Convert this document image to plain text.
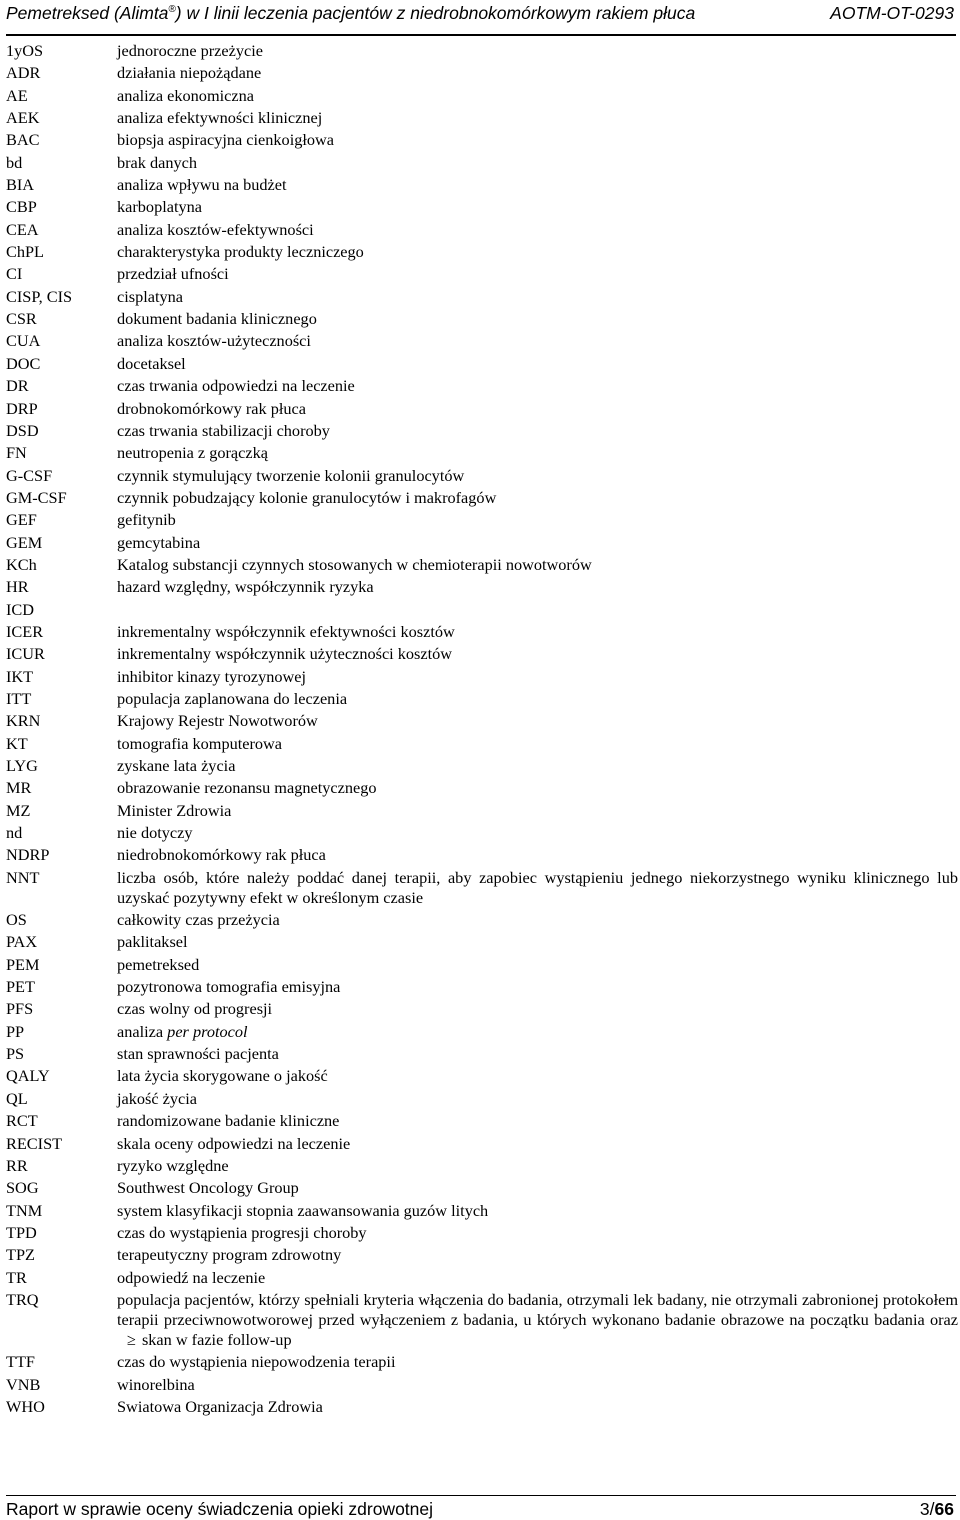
Pemetreksed (Alimta®) w I linii leczenia pacjentów z niedrobnokomórkowym rakiem płuca	AOTM-OT-0293
1yOS	jednoroczne przeżycie
ADR	działania niepożądane
AE	analiza ekonomiczna
AEK	analiza efektywności klinicznej
BAC	biopsja aspiracyjna cienkoigłowa
bd	brak danych
BIA	analiza wpływu na budżet
CBP	karboplatyna
CEA	analiza kosztów-efektywności
ChPL	charakterystyka produkty leczniczego
CI	przedział ufności
CISP, CIS	cisplatyna
CSR	dokument badania klinicznego
CUA	analiza kosztów-użyteczności
DOC	docetaksel
DR	czas trwania odpowiedzi na leczenie
DRP	drobnokomórkowy rak płuca
DSD	czas trwania stabilizacji choroby
FN	neutropenia z gorączką
G-CSF	czynnik stymulujący tworzenie kolonii granulocytów
GM-CSF	czynnik pobudzający kolonie granulocytów i makrofagów
GEF	gefitynib
GEM	gemcytabina
KCh	Katalog substancji czynnych stosowanych w chemioterapii nowotworów
HR	hazard względny, współczynnik ryzyka
ICD	
ICER	inkrementalny współczynnik efektywności kosztów
ICUR	inkrementalny współczynnik użyteczności kosztów
IKT	inhibitor kinazy tyrozynowej
ITT	populacja zaplanowana do leczenia
KRN	Krajowy Rejestr Nowotworów
KT	tomografia komputerowa
LYG	zyskane lata życia
MR	obrazowanie rezonansu magnetycznego
MZ	Minister Zdrowia
nd	nie dotyczy
NDRP	niedrobnokomórkowy rak płuca
NNT	liczba osób, które należy poddać danej terapii, aby zapobiec wystąpieniu jednego niekorzystnego wyniku klinicznego lub uzyskać pozytywny efekt w określonym czasie
OS	całkowity czas przeżycia
PAX	paklitaksel
PEM	pemetreksed
PET	pozytronowa tomografia emisyjna
PFS	czas wolny od progresji
PP	analiza per protocol
PS	stan sprawności pacjenta
QALY	lata życia skorygowane o jakość
QL	jakość życia
RCT	randomizowane badanie kliniczne
RECIST	skala oceny odpowiedzi na leczenie
RR	ryzyko względne
SOG	Southwest Oncology Group
TNM	system klasyfikacji stopnia zaawansowania guzów litych
TPD	czas do wystąpienia progresji choroby
TPZ	terapeutyczny program zdrowotny
TR	odpowiedź na leczenie
TRQ	populacja pacjentów, którzy spełniali kryteria włączenia do badania, otrzymali lek badany, nie otrzymali zabronionej protokołem terapii przeciwnowotworowej przed wyłączeniem z badania, u których wykonano badanie obrazowe na początku badania oraz≥ skan w fazie follow-up
TTF	czas do wystąpienia niepowodzenia terapii
VNB	winorelbina
WHO	Swiatowa Organizacja Zdrowia
Raport w sprawie oceny świadczenia opieki zdrowotnej	3/66
